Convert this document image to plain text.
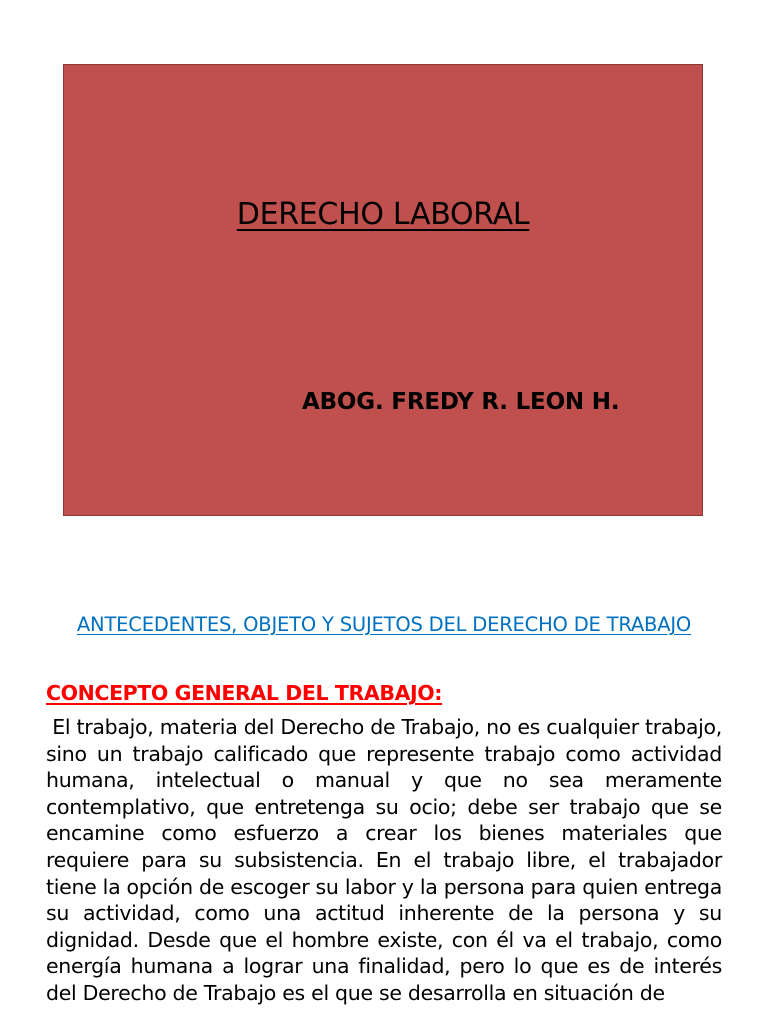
DERECHO LABORAL
ABOG. FREDY R. LEON H.
ANTECEDENTES, OBJETO Y SUJETOS DEL DERECHO DE TRABAJO
CONCEPTO GENERAL DEL TRABAJO:

El trabajo, materia del Derecho de Trabajo, no es cualquier trabajo, sino un trabajo calificado que represente trabajo como actividad humana, intelectual o manual y que no sea meramente contemplativo, que entretenga su ocio; debe ser trabajo que se encamine como esfuerzo a crear los bienes materiales que requiere para su subsistencia. En el trabajo libre, el trabajador tiene la opción de escoger su labor y la persona para quien entrega su actividad, como una actitud inherente de la persona y su dignidad. Desde que el hombre existe, con él va el trabajo, como energía humana a lograr una finalidad, pero lo que es de interés del Derecho de Trabajo es el que se desarrolla en situación de
